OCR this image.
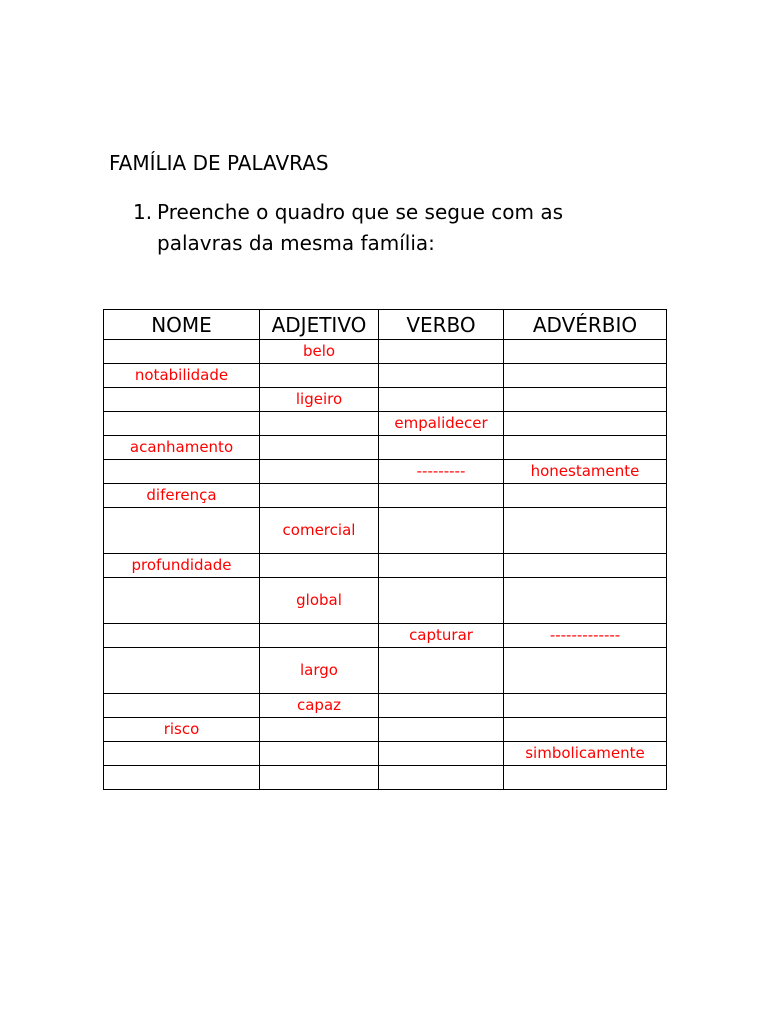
FAMÍLIA DE PALAVRAS
1. Preenche o quadro que se segue com as
palavras da mesma família:
NOME	ADJETIVO	VERBO	ADVÉRBIO
	belo		
notabilidade			
	ligeiro		
		empalidecer	
acanhamento			
		---------	honestamente
diferença			
	comercial		
profundidade			
	global		
		capturar	-------------
	largo		
	capaz		
risco			
			simbolicamente
